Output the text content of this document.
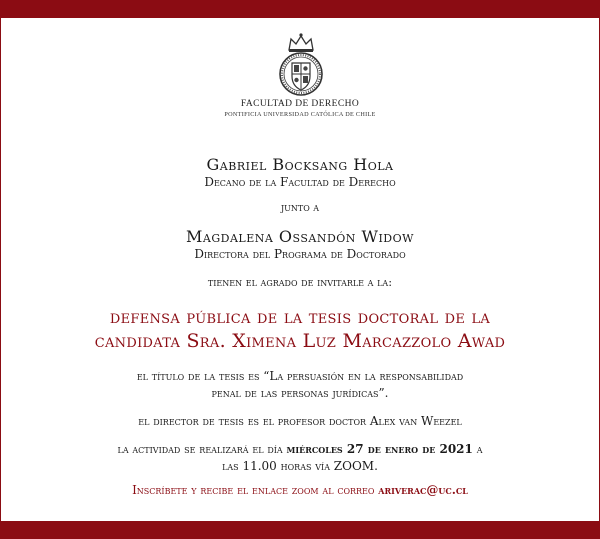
FACULTAD DE DERECHO
PONTIFICIA UNIVERSIDAD CATÓLICA DE CHILE
Gabriel Bocksang Hola
Decano de la Facultad de Derecho
junto a
Magdalena Ossandón Widow
Directora del Programa de Doctorado
tienen el agrado de invitarle a la:
defensa pública de la tesis doctoral de la
candidata Sra. Ximena Luz Marcazzolo Awad
el título de la tesis es “La persuasión en la responsabilidad
penal de las personas jurídicas”.
el director de tesis es el profesor doctor Alex van Weezel
la actividad se realizará el día miércoles 27 de enero de 2021 a
las 11.00 horas vía ZOOM.
Inscríbete y recibe el enlace zoom al correo ariverac@uc.cl
